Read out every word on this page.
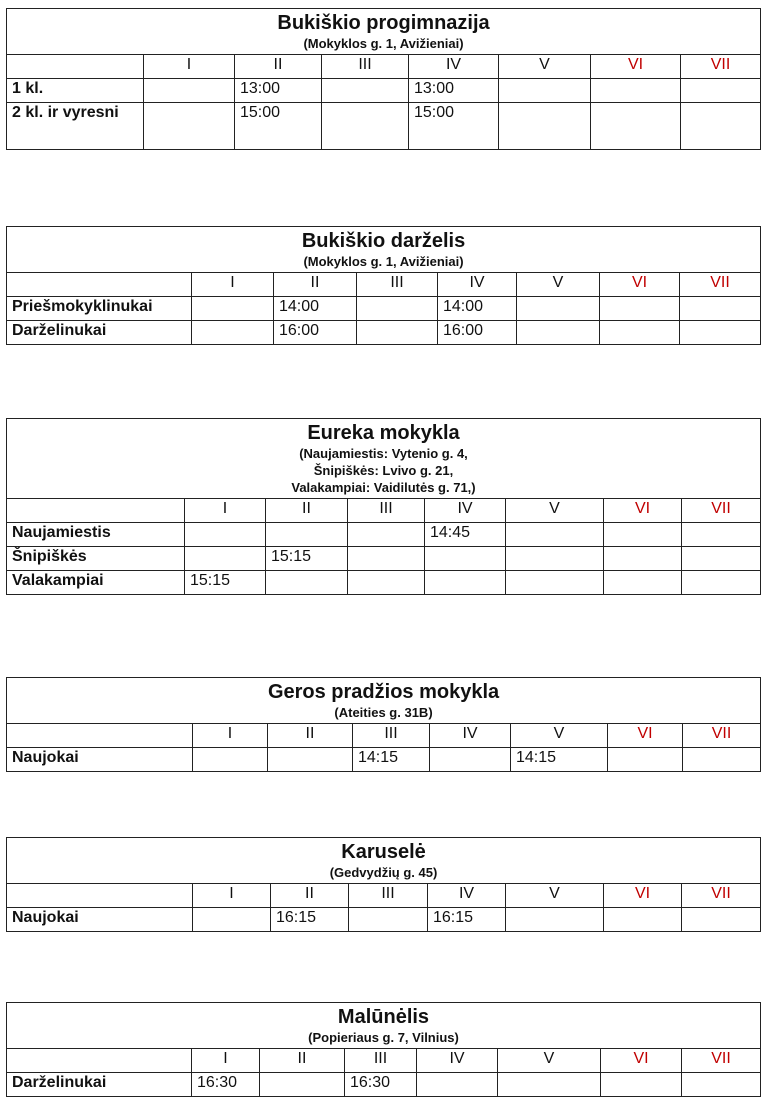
Bukiškio progimnazija
(Mokyklos g. 1, Avižieniai)							

	I	II	III	IV	V	VI	VII
1 kl.		13:00		13:00			
2 kl. ir vyresni		15:00		15:00			
Bukiškio darželis
(Mokyklos g. 1, Avižieniai)							

	I	II	III	IV	V	VI	VII
Priešmokyklinukai		14:00		14:00			
Darželinukai		16:00		16:00			
Eureka mokykla
(Naujamiestis: Vytenio g. 4,
Šnipiškės: Lvivo g. 21,
Valakampiai: Vaidilutės g. 71,)							

	I	II	III	IV	V	VI	VII
Naujamiestis				14:45			
Šnipiškės		15:15					
Valakampiai	15:15						
Geros pradžios mokykla
(Ateities g. 31B)							

	I	II	III	IV	V	VI	VII
Naujokai			14:15		14:15		
Karuselė
(Gedvydžių g. 45)							

	I	II	III	IV	V	VI	VII
Naujokai		16:15		16:15			
Malūnėlis
(Popieriaus g. 7, Vilnius)							

	I	II	III	IV	V	VI	VII
Darželinukai	16:30		16:30				
